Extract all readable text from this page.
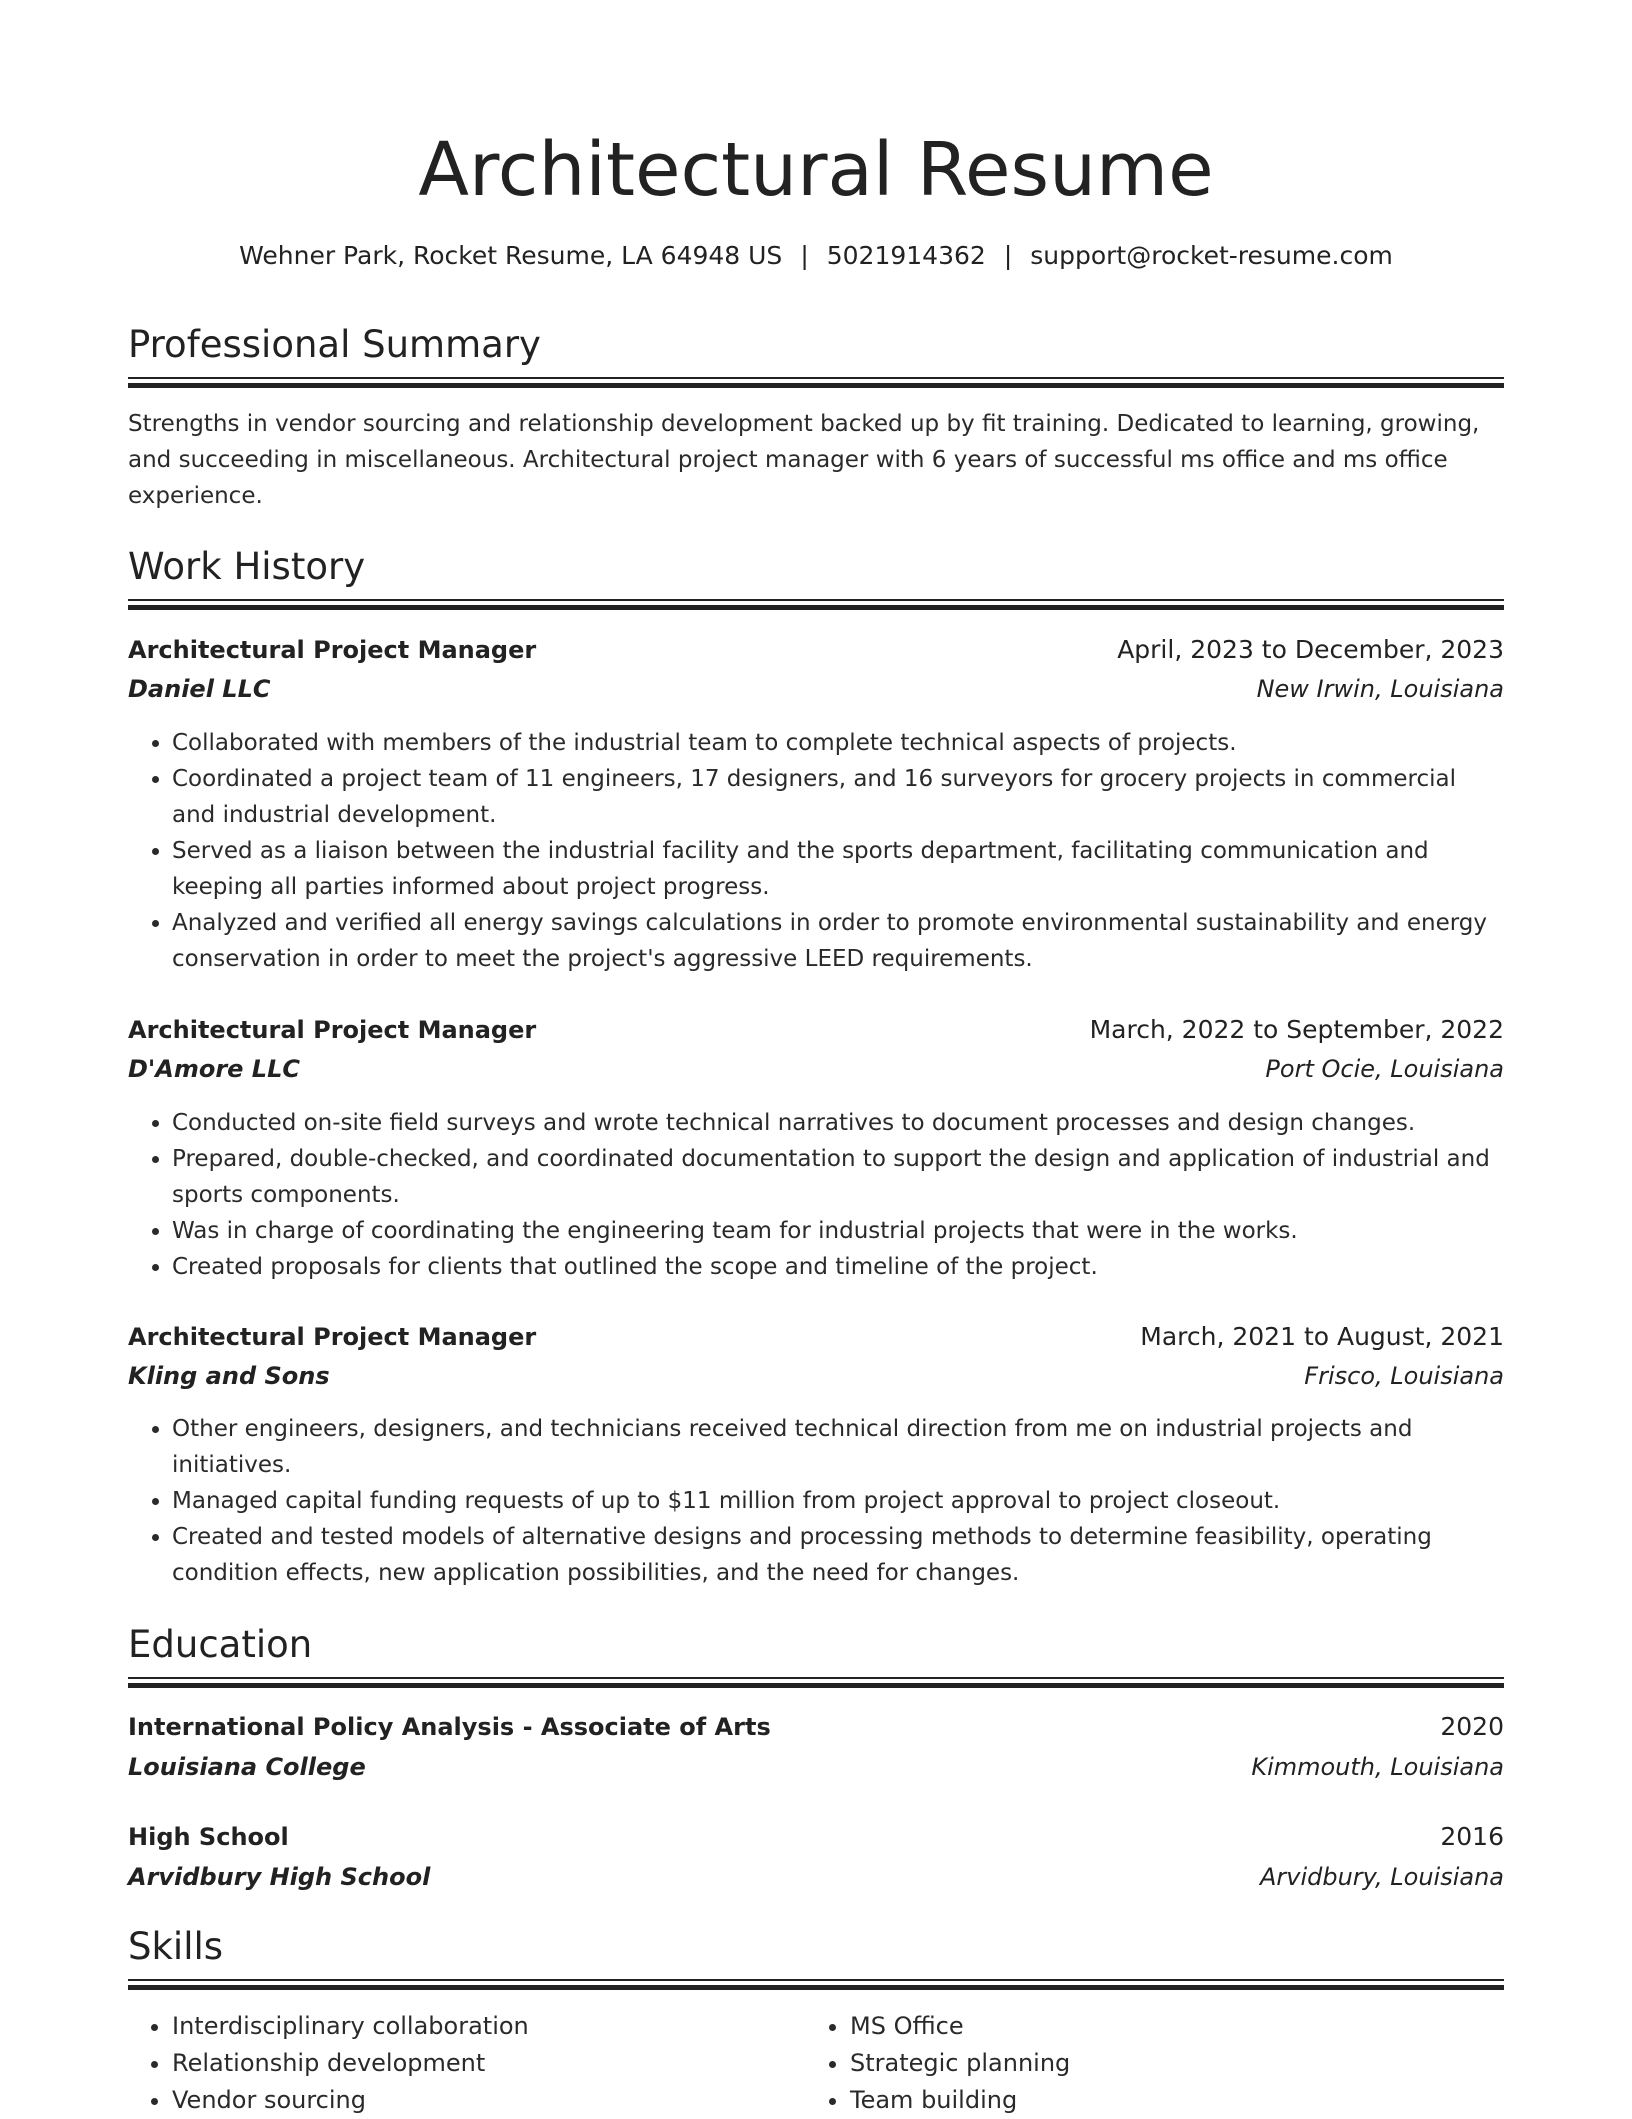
Architectural Resume
Wehner Park, Rocket Resume, LA 64948 US | 5021914362 | support@rocket-resume.com
Professional Summary
Strengths in vendor sourcing and relationship development backed up by fit training. Dedicated to learning, growing, and succeeding in miscellaneous. Architectural project manager with 6 years of successful ms office and ms office experience.
Work History
Architectural Project Manager	April, 2023 to December, 2023
Daniel LLC	New Irwin, Louisiana
• Collaborated with members of the industrial team to complete technical aspects of projects.
• Coordinated a project team of 11 engineers, 17 designers, and 16 surveyors for grocery projects in commercial and industrial development.
• Served as a liaison between the industrial facility and the sports department, facilitating communication and keeping all parties informed about project progress.
• Analyzed and verified all energy savings calculations in order to promote environmental sustainability and energy conservation in order to meet the project's aggressive LEED requirements.
Architectural Project Manager	March, 2022 to September, 2022
D'Amore LLC	Port Ocie, Louisiana
• Conducted on-site field surveys and wrote technical narratives to document processes and design changes.
• Prepared, double-checked, and coordinated documentation to support the design and application of industrial and sports components.
• Was in charge of coordinating the engineering team for industrial projects that were in the works.
• Created proposals for clients that outlined the scope and timeline of the project.
Architectural Project Manager	March, 2021 to August, 2021
Kling and Sons	Frisco, Louisiana
• Other engineers, designers, and technicians received technical direction from me on industrial projects and initiatives.
• Managed capital funding requests of up to $11 million from project approval to project closeout.
• Created and tested models of alternative designs and processing methods to determine feasibility, operating condition effects, new application possibilities, and the need for changes.
Education
International Policy Analysis - Associate of Arts	2020
Louisiana College	Kimmouth, Louisiana
High School	2016
Arvidbury High School	Arvidbury, Louisiana
Skills
• Interdisciplinary collaboration
• Relationship development
• Vendor sourcing
• MS Office
• Strategic planning
• Team building
